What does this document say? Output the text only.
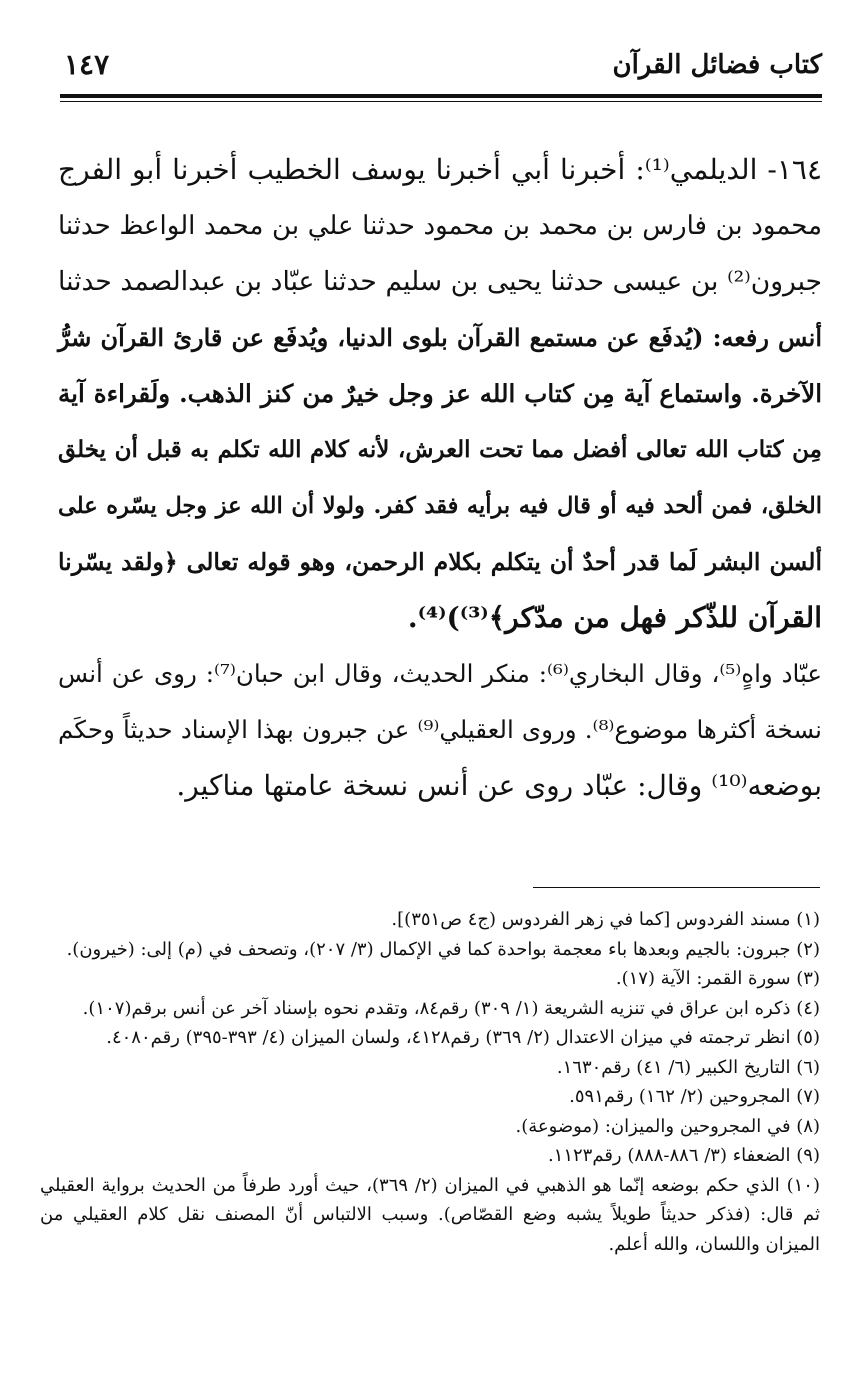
كتاب فضائل القرآن
١٤٧
١٦٤- الديلمي⁽¹⁾: أخبرنا أبي أخبرنا يوسف الخطيب أخبرنا أبو الفرج
محمود بن فارس بن محمد بن محمود حدثنا علي بن محمد الواعظ حدثنا
جبرون⁽²⁾ بن عيسى حدثنا يحيى بن سليم حدثنا عبّاد بن عبدالصمد حدثنا
أنس رفعه: (يُدفَع عن مستمع القرآن بلوى الدنيا، ويُدفَع عن قارئ القرآن شرُّ
الآخرة. واستماع آية مِن كتاب الله عز وجل خيرٌ من كنز الذهب. ولَقراءة آية
مِن كتاب الله تعالى أفضل مما تحت العرش، لأنه كلام الله تكلم به قبل أن يخلق
الخلق، فمن ألحد فيه أو قال فيه برأيه فقد كفر. ولولا أن الله عز وجل يسّره على
ألسن البشر لَما قدر أحدٌ أن يتكلم بكلام الرحمن، وهو قوله تعالى ﴿ولقد يسّرنا
القرآن للذّكر فهل من مدّكر﴾⁽³⁾)⁽⁴⁾.
عبّاد واهٍ⁽⁵⁾، وقال البخاري⁽⁶⁾: منكر الحديث، وقال ابن حبان⁽⁷⁾: روى عن أنس
نسخة أكثرها موضوع⁽⁸⁾. وروى العقيلي⁽⁹⁾ عن جبرون بهذا الإسناد حديثاً وحكَم
بوضعه⁽¹⁰⁾ وقال: عبّاد روى عن أنس نسخة عامتها مناكير.
(١) مسند الفردوس [كما في زهر الفردوس (ج٤ ص٣٥١)].
(٢) جبرون: بالجيم وبعدها باء معجمة بواحدة كما في الإكمال (٣/ ٢٠٧)، وتصحف في (م) إلى: (خيرون).
(٣) سورة القمر: الآية (١٧).
(٤) ذكره ابن عراق في تنزيه الشريعة (١/ ٣٠٩) رقم٨٤، وتقدم نحوه بإسناد آخر عن أنس برقم(١٠٧).
(٥) انظر ترجمته في ميزان الاعتدال (٢/ ٣٦٩) رقم٤١٢٨، ولسان الميزان (٤/ ٣٩٣-٣٩٥) رقم٤٠٨٠.
(٦) التاريخ الكبير (٦/ ٤١) رقم١٦٣٠.
(٧) المجروحين (٢/ ١٦٢) رقم٥٩١.
(٨) في المجروحين والميزان: (موضوعة).
(٩) الضعفاء (٣/ ٨٨٦-٨٨٨) رقم١١٢٣.
(١٠) الذي حكم بوضعه إنّما هو الذهبي في الميزان (٢/ ٣٦٩)، حيث أورد طرفاً من الحديث برواية العقيلي
ثم قال: (فذكر حديثاً طويلاً يشبه وضع القصّاص). وسبب الالتباس أنّ المصنف نقل كلام العقيلي من
الميزان واللسان، والله أعلم.
